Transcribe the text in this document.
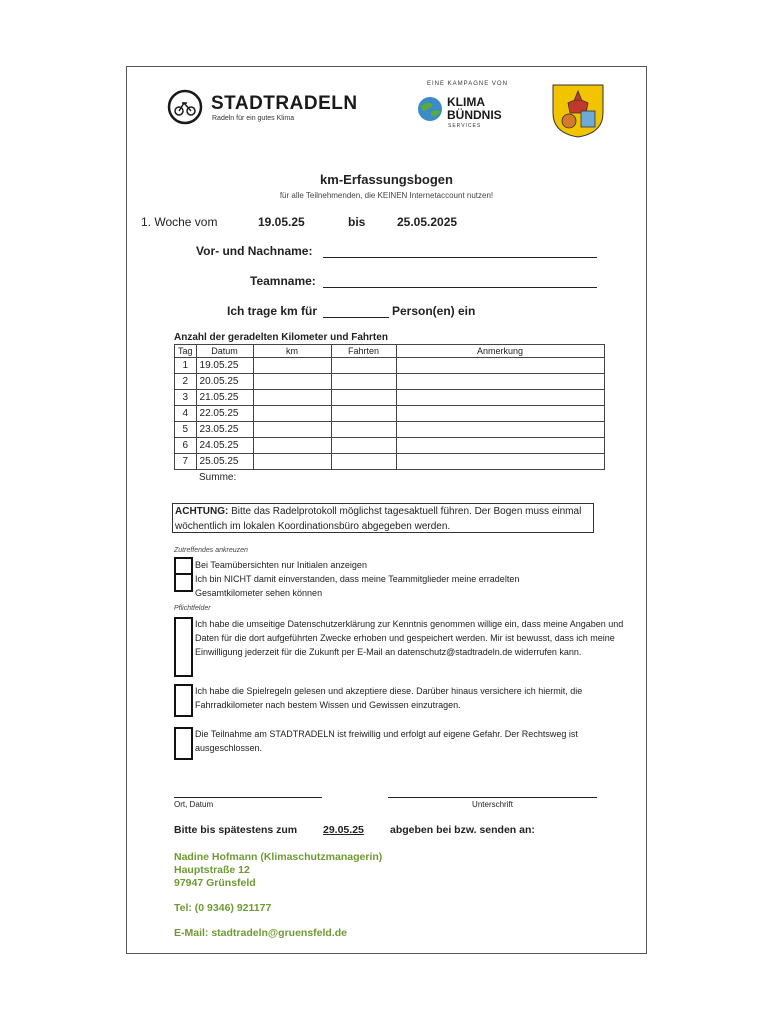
STADTRADELN
Radeln für ein gutes Klima
EINE KAMPAGNE VON
KLIMA
BÜNDNIS
SERVICES
km-Erfassungsbogen
für alle Teilnehmenden, die KEINEN Internetaccount nutzen!
1. Woche vom	19.05.25	bis	25.05.2025
Vor- und Nachname:
Teamname:
Ich trage km für	Person(en) ein
Anzahl der geradelten Kilometer und Fahrten
Tag	Datum	km	Fahrten	Anmerkung
1	19.05.25			
2	20.05.25			
3	21.05.25			
4	22.05.25			
5	23.05.25			
6	24.05.25			
7	25.05.25			
	Summe:			
ACHTUNG: Bitte das Radelprotokoll möglichst tagesaktuell führen. Der Bogen muss einmal wöchentlich im lokalen Koordinationsbüro abgegeben werden.
Zutreffendes ankreuzen
Bei Teamübersichten nur Initialen anzeigen
Ich bin NICHT damit einverstanden, dass meine Teammitglieder meine erradelten Gesamtkilometer sehen können
Pflichtfelder
Ich habe die umseitige Datenschutzerklärung zur Kenntnis genommen willige ein, dass meine Angaben und Daten für die dort aufgeführten Zwecke erhoben und gespeichert werden. Mir ist bewusst, dass ich meine Einwilligung jederzeit für die Zukunft per E-Mail an datenschutz@stadtradeln.de widerrufen kann.
Ich habe die Spielregeln gelesen und akzeptiere diese. Darüber hinaus versichere ich hiermit, die Fahrradkilometer nach bestem Wissen und Gewissen einzutragen.
Die Teilnahme am STADTRADELN ist freiwillig und erfolgt auf eigene Gefahr. Der Rechtsweg ist ausgeschlossen.
Ort, Datum	Unterschrift
Bitte bis spätestens zum 29.05.25 abgeben bei bzw. senden an:
Nadine Hofmann (Klimaschutzmanagerin)
Hauptstraße 12
97947 Grünsfeld
Tel: (0 9346) 921177
E-Mail: stadtradeln@gruensfeld.de
